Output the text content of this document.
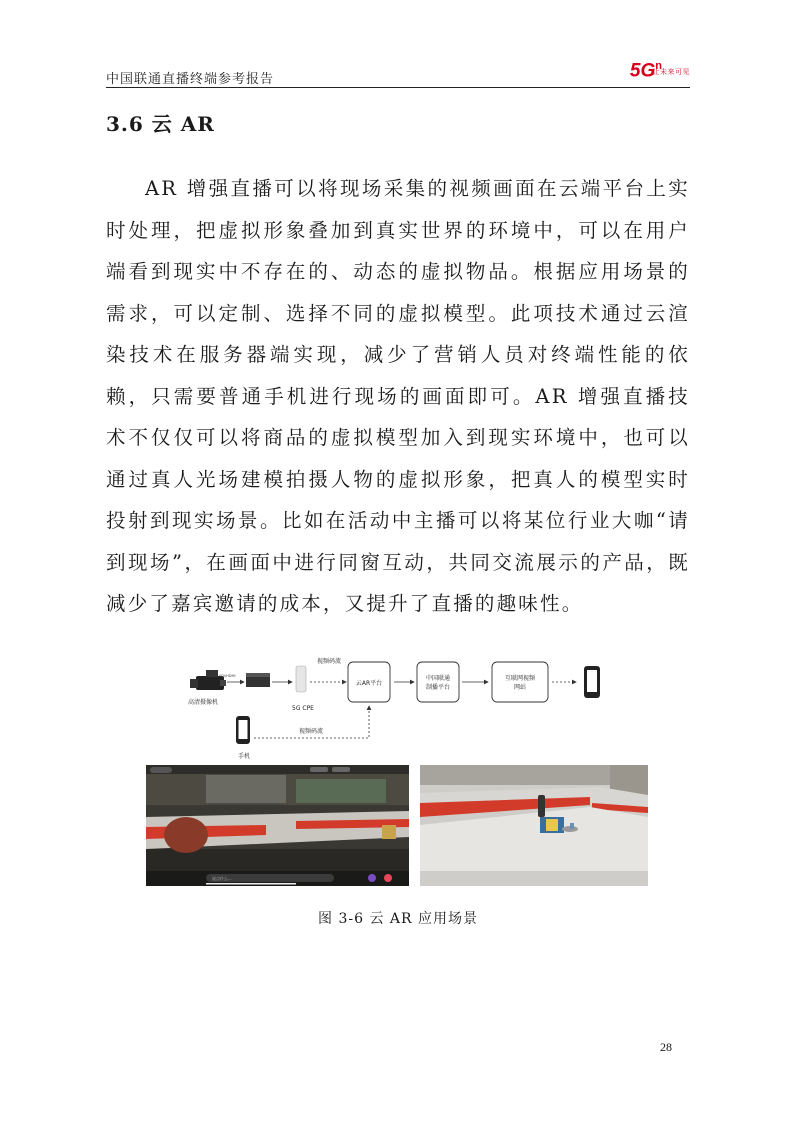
中国联通直播终端参考报告	$5G^n$
让未来可见
3.6 云 AR

AR 增强直播可以将现场采集的视频画面在云端平台上实时处理，把虚拟形象叠加到真实世界的环境中，可以在用户端看到现实中不存在的、动态的虚拟物品。根据应用场景的需求，可以定制、选择不同的虚拟模型。此项技术通过云渲染技术在服务器端实现，减少了营销人员对终端性能的依赖，只需要普通手机进行现场的画面即可。AR 增强直播技术不仅仅可以将商品的虚拟模型加入到现实环境中，也可以通过真人光场建模拍摄人物的虚拟形象，把真人的模型实时投射到现实场景。比如在活动中主播可以将某位行业大咖“请到现场”，在画面中进行同窗互动，共同交流展示的产品，既减少了嘉宾邀请的成本，又提升了直播的趣味性。

高清摄像机
SDI/HDMI
5G CPE
视频码流
云AR平台
中国联通
制播平台
互联网视频
网站
手机
视频码流
说点什么...
图 3-6 云 AR 应用场景
28
